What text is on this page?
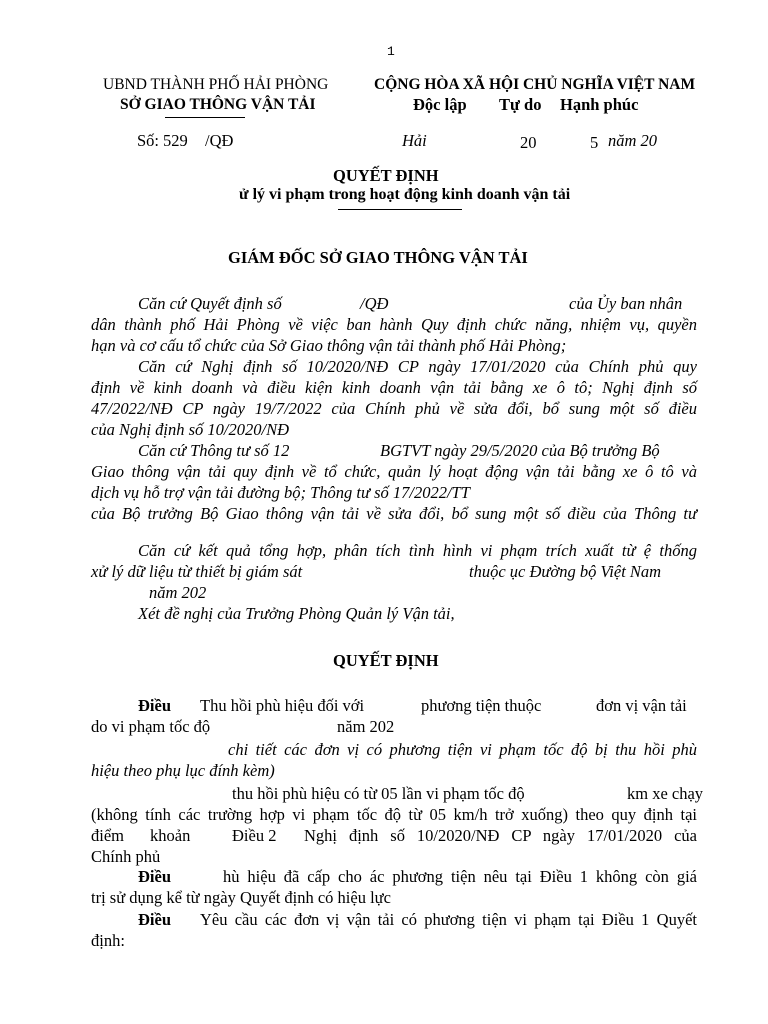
1
UBND THÀNH PHỐ HẢI PHÒNG
SỞ GIAO THÔNG VẬN TẢI
CỘNG HÒA XÃ HỘI CHỦ NGHĨA VIỆT NAM
Độc lập Tự do Hạnh phúc
Số: 529 /QĐ	Hải	20	5 năm 20
QUYẾT ĐỊNH
ử lý vi phạm trong hoạt động kinh doanh vận tải
GIÁM ĐỐC SỞ GIAO THÔNG VẬN TẢI
Căn cứ Quyết định số	/QĐ	của Ủy ban nhân
dân thành phố Hải Phòng về việc ban hành Quy định chức năng, nhiệm vụ, quyền
hạn và cơ cấu tổ chức của Sở Giao thông vận tải thành phố Hải Phòng;
Căn cứ Nghị định số 10/2020/NĐ CP ngày 17/01/2020 của Chính phủ quy
định về kinh doanh và điều kiện kinh doanh vận tải bằng xe ô tô; Nghị định số
47/2022/NĐ CP ngày 19/7/2022 của Chính phủ về sửa đổi, bổ sung một số điều
của Nghị định số 10/2020/NĐ
Căn cứ Thông tư số 12	BGTVT ngày 29/5/2020 của Bộ trưởng Bộ
Giao thông vận tải quy định về tổ chức, quản lý hoạt động vận tải bằng xe ô tô và
dịch vụ hỗ trợ vận tải đường bộ; Thông tư số 17/2022/TT
của Bộ trưởng Bộ Giao thông vận tải về sửa đổi, bổ sung một số điều của Thông tư
Căn cứ kết quả tổng hợp, phân tích tình hình vi phạm trích xuất từ ệ thống
xử lý dữ liệu từ thiết bị giám sát	thuộc ục Đường bộ Việt Nam
năm 202
Xét đề nghị của Trưởng Phòng Quản lý Vận tải,
QUYẾT ĐỊNH
Điều Thu hồi phù hiệu đối với	phương tiện thuộc	đơn vị vận tải
do vi phạm tốc độ	năm 202
chi tiết các đơn vị có phương tiện vi phạm tốc độ bị thu hồi phù
hiệu theo phụ lục đính kèm)
thu hồi phù hiệu có từ 05 lần vi phạm tốc độ	km xe chạy
(không tính các trường hợp vi phạm tốc độ từ 05 km/h trở xuống) theo quy định tại
điểm khoản	Điều 2 Nghị định số 10/2020/NĐ CP ngày 17/01/2020 của
Chính phủ
Điều	hù hiệu đã cấp cho ác phương tiện nêu tại Điều 1 không còn giá
trị sử dụng kể từ ngày Quyết định có hiệu lực
Điều Yêu cầu các đơn vị vận tải có phương tiện vi phạm tại Điều 1 Quyết
định:
